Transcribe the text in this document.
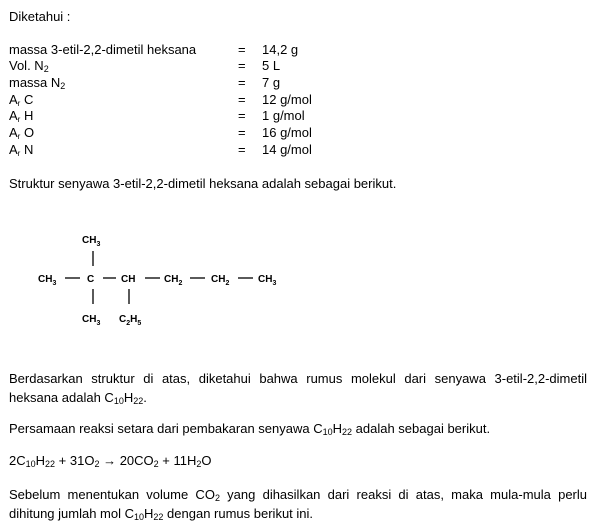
Diketahui :
massa 3-etil-2,2-dimetil heksana	= 14,2 g
Vol. $N_2$	= 5 L
massa $N_2$	= 7 g
Ar C	= 12 g/mol
Ar H	= 1 g/mol
Ar O	= 16 g/mol
Ar N	= 14 g/mol
Struktur senyawa 3-etil-2,2-dimetil heksana adalah sebagai berikut.
$CH_3$
$CH_3$	C	CH	$CH_2$	$CH_2$	$CH_3$
$CH_3$ $C_2H_5$
Berdasarkan struktur di atas, diketahui bahwa rumus molekul dari senyawa 3-etil-2,2-dimetil heksana adalah $C_{10}H_{22}$.
Persamaan reaksi setara dari pembakaran senyawa $C_{10}H_{22}$ adalah sebagai berikut.
$2C_{10}H_{22} + 31O_2 \to 20CO_2 + 11H_2O$
Sebelum menentukan volume $CO_2$ yang dihasilkan dari reaksi di atas, maka mula-mula perlu dihitung jumlah mol $C_{10}H_{22}$ dengan rumus berikut ini.
